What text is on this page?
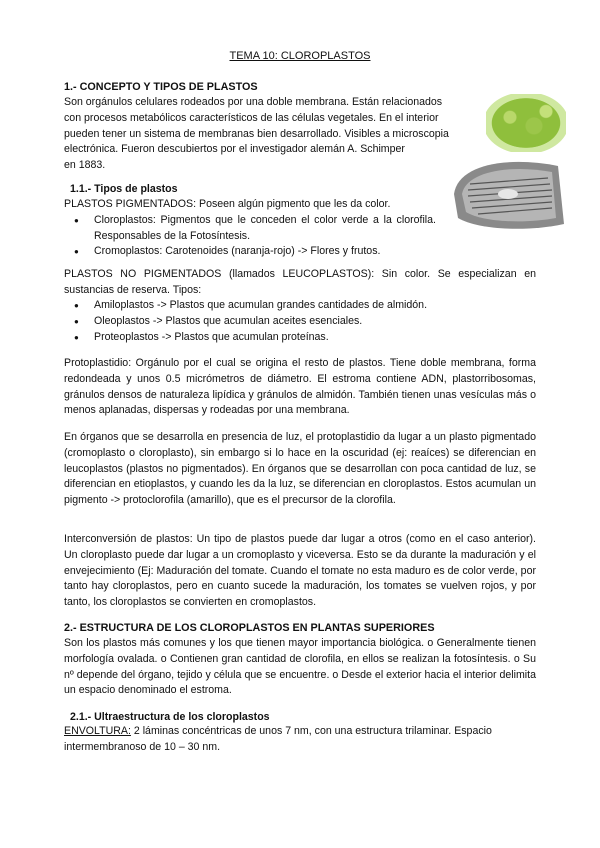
TEMA 10: CLOROPLASTOS
1.- CONCEPTO Y TIPOS DE PLASTOS
Son orgánulos celulares rodeados por una doble membrana. Están relacionados
con procesos metabólicos característicos de las células vegetales. En el interior
pueden tener un sistema de membranas bien desarrollado. Visibles a microscopia
electrónica. Fueron descubiertos por el investigador alemán A. Schimper
en 1883.
1.1.- Tipos de plastos
PLASTOS PIGMENTADOS: Poseen algún pigmento que les da color.
● Cloroplastos: Pigmentos que le conceden el color verde a la clorofila. Responsables de la Fotosíntesis.
● Cromoplastos: Carotenoides (naranja-rojo) -> Flores y frutos.
PLASTOS NO PIGMENTADOS (llamados LEUCOPLASTOS): Sin color. Se especializan en sustancias de reserva. Tipos:
● Amiloplastos -> Plastos que acumulan grandes cantidades de almidón.
● Oleoplastos -> Plastos que acumulan aceites esenciales.
● Proteoplastos -> Plastos que acumulan proteínas.
Protoplastidio: Orgánulo por el cual se origina el resto de plastos. Tiene doble membrana, forma redondeada y unos 0.5 micrómetros de diámetro. El estroma contiene ADN, plastorribosomas, gránulos densos de naturaleza lipídica y gránulos de almidón. También tienen unas vesículas más o menos aplanadas, dispersas y rodeadas por una membrana.
En órganos que se desarrolla en presencia de luz, el protoplastidio da lugar a un plasto pigmentado (cromoplasto o cloroplasto), sin embargo si lo hace en la oscuridad (ej: reaíces) se diferencian en leucoplastos (plastos no pigmentados). En órganos que se desarrollan con poca cantidad de luz, se diferencian en etioplastos, y cuando les da la luz, se diferencian en cloroplastos. Estos acumulan un pigmento -> protoclorofila (amarillo), que es el precursor de la clorofila.
Interconversión de plastos: Un tipo de plastos puede dar lugar a otros (como en el caso anterior). Un cloroplasto puede dar lugar a un cromoplasto y viceversa. Esto se da durante la maduración y el envejecimiento (Ej: Maduración del tomate. Cuando el tomate no esta maduro es de color verde, por tanto hay cloroplastos, pero en cuanto sucede la maduración, los tomates se vuelven rojos, y por tanto, los cloroplastos se convierten en cromoplastos.
2.- ESTRUCTURA DE LOS CLOROPLASTOS EN PLANTAS SUPERIORES
Son los plastos más comunes y los que tienen mayor importancia biológica. o Generalmente tienen morfología ovalada. o Contienen gran cantidad de clorofila, en ellos se realizan la fotosíntesis. o Su nº depende del órgano, tejido y célula que se encuentre. o Desde el exterior hacia el interior delimita un espacio denominado el estroma.
2.1.- Ultraestructura de los cloroplastos
ENVOLTURA: 2 láminas concéntricas de unos 7 nm, con una estructura trilaminar. Espacio intermembranoso de 10 – 30 nm.
